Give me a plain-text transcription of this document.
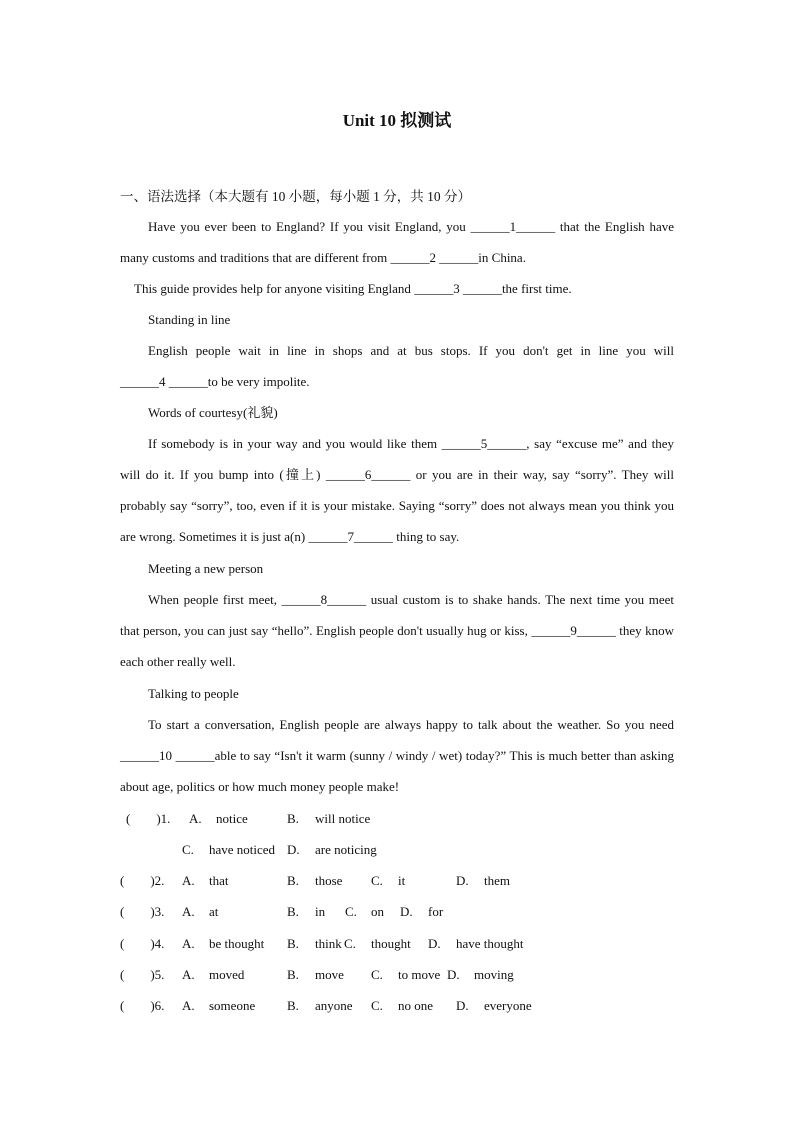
Unit 10 拟测试
一、语法选择（本大题有 10 小题，每小题 1 分，共 10 分）
Have you ever been to England? If you visit England, you ______1______ that the English have many customs and traditions that are different from ______2 ______in China.
This guide provides help for anyone visiting England ______3 ______the first time.
Standing in line
English people wait in line in shops and at bus stops. If you don't get in line you will ______4 ______to be very impolite.
Words of courtesy(礼貌)
If somebody is in your way and you would like them ______5______, say “excuse me” and they will do it. If you bump into (撞上) ______6______ or you are in their way, say “sorry”. They will probably say “sorry”, too, even if it is your mistake. Saying “sorry” does not always mean you think you are wrong. Sometimes it is just a(n) ______7______ thing to say.
Meeting a new person
When people first meet, ______8______ usual custom is to shake hands. The next time you meet that person, you can just say “hello”. English people don't usually hug or kiss, ______9______ they know each other really well.
Talking to people
To start a conversation, English people are always happy to talk about the weather. So you need ______10 ______able to say “Isn't it warm (sunny / windy / wet) today?” This is much better than asking about age, politics or how much money people make!
(        )1. A. notice	B. will notice
C. have noticed D. are noticing
(        )2. A. that	B. those C. it	D. them
(        )3. A. at	B. in C. on D. for
(        )4. A. be thought B. think C. thought D. have thought
(        )5. A. moved	B. move C. to move D. moving
(        )6. A. someone B. anyone C. no one D. everyone
